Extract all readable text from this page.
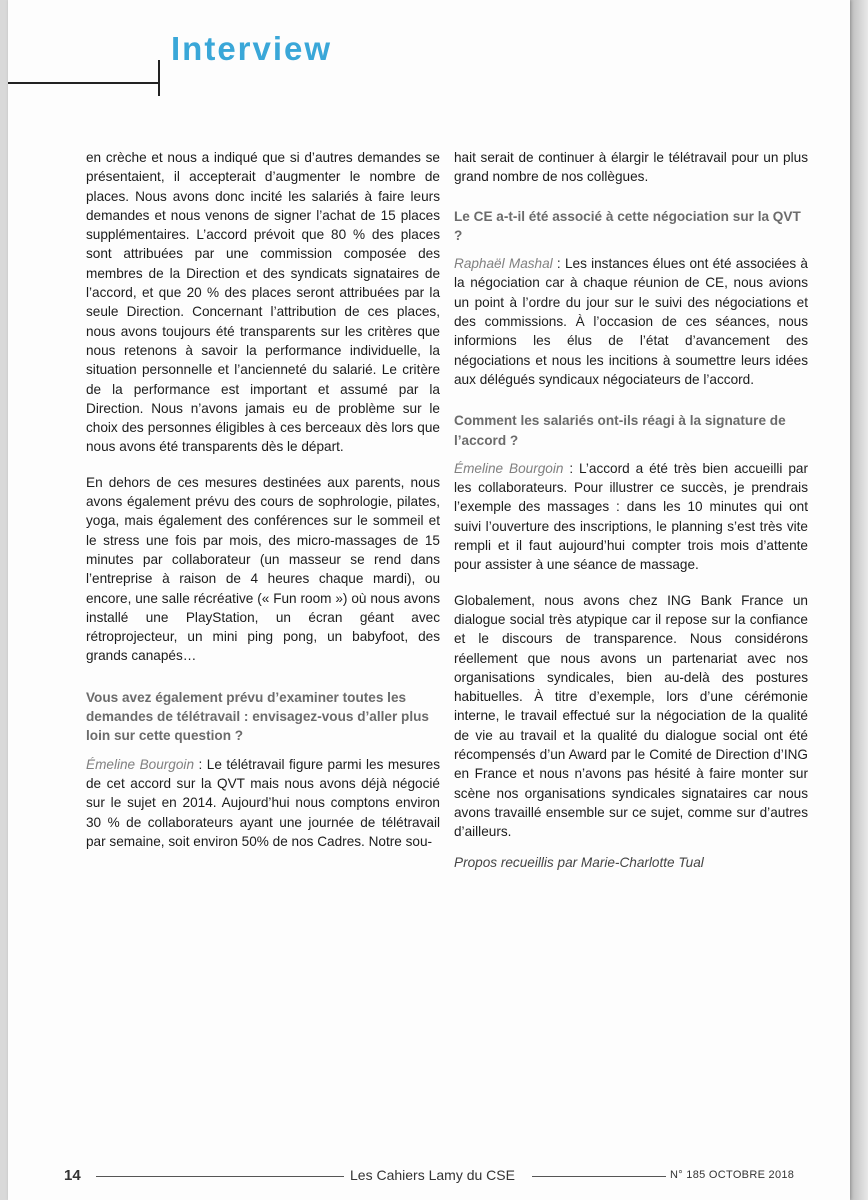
Interview

en crèche et nous a indiqué que si d’autres demandes se présentaient, il accepterait d’augmenter le nombre de places. Nous avons donc incité les salariés à faire leurs demandes et nous venons de signer l’achat de 15 places supplémentaires. L’accord prévoit que 80 % des places sont attribuées par une commission composée des membres de la Direction et des syndicats signataires de l’accord, et que 20 % des places seront attribuées par la seule Direction. Concernant l’attribution de ces places, nous avons toujours été transparents sur les critères que nous retenons à savoir la performance individuelle, la situation personnelle et l’ancienneté du salarié. Le critère de la performance est important et assumé par la Direction. Nous n’avons jamais eu de problème sur le choix des personnes éligibles à ces berceaux dès lors que nous avons été transparents dès le départ.

En dehors de ces mesures destinées aux parents, nous avons également prévu des cours de sophrologie, pilates, yoga, mais également des conférences sur le sommeil et le stress une fois par mois, des micro-massages de 15 minutes par collaborateur (un masseur se rend dans l’entreprise à raison de 4 heures chaque mardi), ou encore, une salle récréative (« Fun room ») où nous avons installé une PlayStation, un écran géant avec rétroprojecteur, un mini ping pong, un babyfoot, des grands canapés…

Vous avez également prévu d’examiner toutes les demandes de télétravail : envisagez-vous d’aller plus loin sur cette question ?

Émeline Bourgoin : Le télétravail figure parmi les mesures de cet accord sur la QVT mais nous avons déjà négocié sur le sujet en 2014. Aujourd’hui nous comptons environ 30 % de collaborateurs ayant une journée de télétravail par semaine, soit environ 50% de nos Cadres. Notre sou-

hait serait de continuer à élargir le télétravail pour un plus grand nombre de nos collègues.

Le CE a-t-il été associé à cette négociation sur la QVT ?

Raphaël Mashal : Les instances élues ont été associées à la négociation car à chaque réunion de CE, nous avions un point à l’ordre du jour sur le suivi des négociations et des commissions. À l’occasion de ces séances, nous informions les élus de l’état d’avancement des négociations et nous les incitions à soumettre leurs idées aux délégués syndicaux négociateurs de l’accord.

Comment les salariés ont-ils réagi à la signature de l’accord ?

Émeline Bourgoin : L’accord a été très bien accueilli par les collaborateurs. Pour illustrer ce succès, je prendrais l’exemple des massages : dans les 10 minutes qui ont suivi l’ouverture des inscriptions, le planning s’est très vite rempli et il faut aujourd’hui compter trois mois d’attente pour assister à une séance de massage.

Globalement, nous avons chez ING Bank France un dialogue social très atypique car il repose sur la confiance et le discours de transparence. Nous considérons réellement que nous avons un partenariat avec nos organisations syndicales, bien au-delà des postures habituelles. À titre d’exemple, lors d’une cérémonie interne, le travail effectué sur la négociation de la qualité de vie au travail et la qualité du dialogue social ont été récompensés d’un Award par le Comité de Direction d’ING en France et nous n’avons pas hésité à faire monter sur scène nos organisations syndicales signataires car nous avons travaillé ensemble sur ce sujet, comme sur d’autres d’ailleurs.

Propos recueillis par Marie-Charlotte Tual

14	Les Cahiers Lamy du CSE	N° 185 OCTOBRE 2018
